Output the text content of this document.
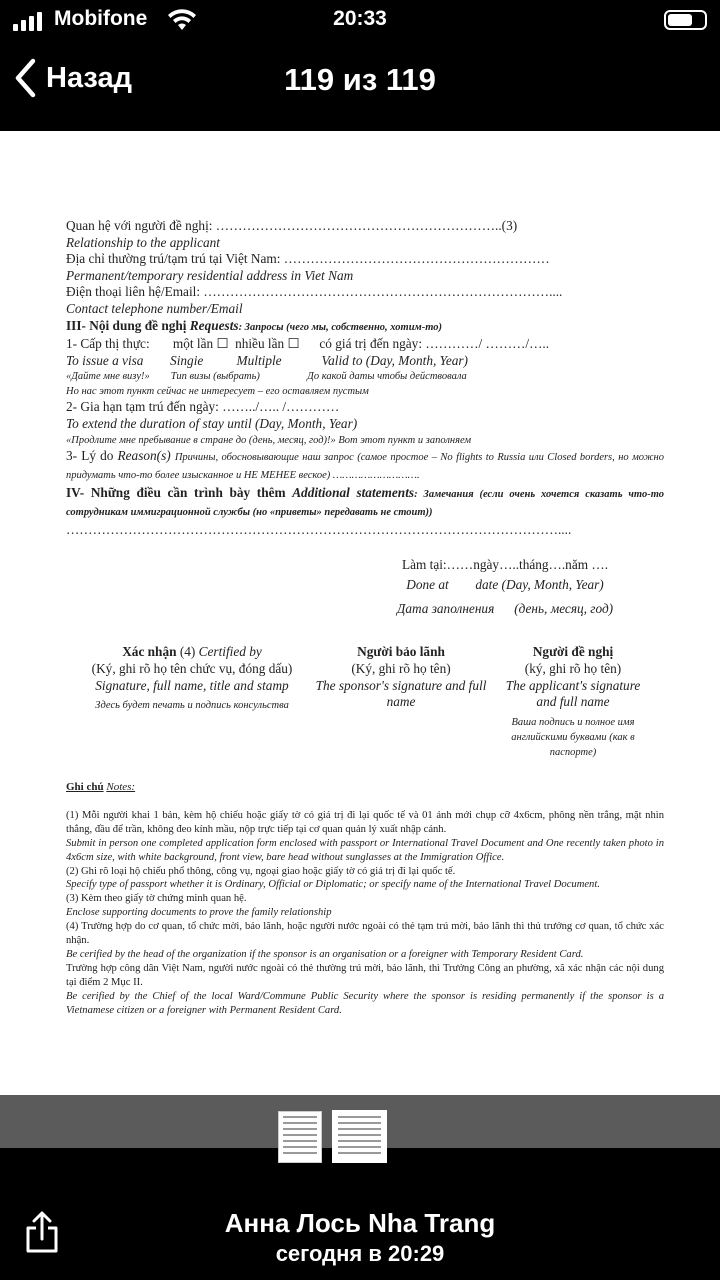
Mobifone	20:33
Назад	119 из 119
Quan hệ với người đề nghị: ………………………………………………………..(3)
Relationship to the applicant
Địa chỉ thường trú/tạm trú tại Việt Nam: ……………………………………………………
Permanent/temporary residential address in Viet Nam
Điện thoại liên hệ/Email: ……………………………………………………………………....
Contact telephone number/Email
III- Nội dung đề nghị Requests: Запросы (чего мы, собственно, хотим-то)
1- Cấp thị thực:       một lần ☐  nhiều lần ☐      có giá trị đến ngày: …………/ ………/…..
To issue a visa        Singie          Multiple            Valid to (Day, Month, Year)
«Дайте мне визу!»        Тип визы (выбрать)                  До какой даты чтобы действовала
Но нас этот пункт сейчас не интересует – его оставляем пустым
2- Gia hạn tạm trú đến ngày: ……../….. /…………
To extend the duration of stay until (Day, Month, Year)
«Продлите мне пребывание в стране до (день, месяц, год)!» Вот этот пункт и заполняем
3- Lý do Reason(s) Причины, обосновывающие наш запрос (самое простое – No flights to Russia или Closed borders, но можно придумать что-то более изысканное и НЕ МЕНЕЕ веское) ……………………….
IV- Những điều cần trình bày thêm Additional statements: Замечания (если очень хочется сказать что-то сотрудникам иммиграционной службы (но «приветы» передавать не стоит))
…………………………………………………………………………………………………....
Làm tại:……ngày…..tháng….năm ….
Done at        date (Day, Month, Year)
Дата заполнения      (день, месяц, год)
Xác nhận (4) Certified by
(Ký, ghi rõ họ tên chức vụ, đóng dấu)
Signature, full name, title and stamp
Здесь будет печать и подпись консульства
Người bảo lãnh
(Ký, ghi rõ họ tên)
The sponsor's signature and full name
Người đề nghị
(ký, ghi rõ họ tên)
The applicant's signature and full name
Ваша подпись и полное имя английскими буквами (как в паспорте)
Ghi chú Notes:
(1) Mỗi người khai 1 bản, kèm hộ chiếu hoặc giấy tờ có giá trị đi lại quốc tế và 01 ảnh mới chụp cỡ 4x6cm, phông nền trắng, mặt nhìn thẳng, đầu để trần, không đeo kính mầu, nộp trực tiếp tại cơ quan quản lý xuất nhập cảnh.
Submit in person one completed application form enclosed with passport or International Travel Document and One recently taken photo in 4x6cm size, with white background, front view, bare head without sunglasses at the Immigration Office.
(2) Ghi rõ loại hộ chiếu phổ thông, công vụ, ngoại giao hoặc giấy tờ có giá trị đi lại quốc tế.
Specify type of passport whether it is Ordinary, Official or Diplomatic; or specify name of the International Travel Document.
(3) Kèm theo giấy tờ chứng minh quan hệ.
Enclose supporting documents to prove the family relationship
(4) Trường hợp do cơ quan, tổ chức mời, bảo lãnh, hoặc người nước ngoài có thẻ tạm trú mời, bảo lãnh thì thủ trưởng cơ quan, tổ chức xác nhận.
Be cerified by the head of the organization if the sponsor is an organisation or a foreigner with Temporary Resident Card.
Trường hợp công dân Việt Nam, người nước ngoài có thẻ thường trú mời, bảo lãnh, thì Trưởng Công an phường, xã xác nhận các nội dung tại điểm 2 Mục II.
Be cerified by the Chief of the local Ward/Commune Public Security where the sponsor is residing permanently if the sponsor is a Vietnamese citizen or a foreigner with Permanent Resident Card.
Анна Лось Nha Trang
сегодня в 20:29
